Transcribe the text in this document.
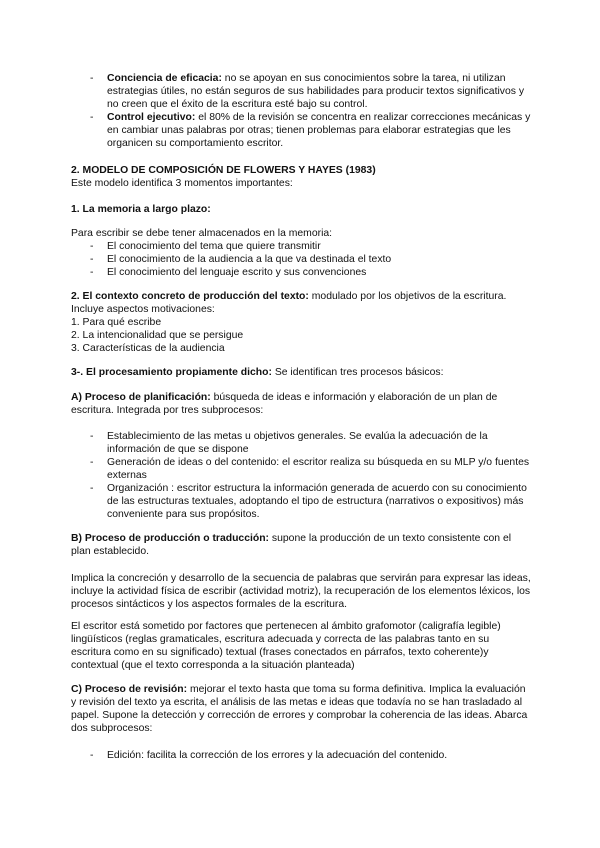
- Conciencia de eficacia: no se apoyan en sus conocimientos sobre la tarea, ni utilizan estrategias útiles, no están seguros de sus habilidades para producir textos significativos y no creen que el éxito de la escritura esté bajo su control.
- Control ejecutivo: el 80% de la revisión se concentra en realizar correcciones mecánicas y en cambiar unas palabras por otras; tienen problemas para elaborar estrategias que les organicen su comportamiento escritor.

2. MODELO DE COMPOSICIÓN DE FLOWERS Y HAYES (1983)

Este modelo identifica 3 momentos importantes:

1. La memoria a largo plazo:

Para escribir se debe tener almacenados en la memoria:

- El conocimiento del tema que quiere transmitir
- El conocimiento de la audiencia a la que va destinada el texto
- El conocimiento del lenguaje escrito y sus convenciones

2. El contexto concreto de producción del texto: modulado por los objetivos de la escritura. Incluye aspectos motivaciones:

1. Para qué escribe
2. La intencionalidad que se persigue
3. Características de la audiencia

3-. El procesamiento propiamente dicho: Se identifican tres procesos básicos:

A) Proceso de planificación: búsqueda de ideas e información y elaboración de un plan de escritura. Integrada por tres subprocesos:

- Establecimiento de las metas u objetivos generales. Se evalúa la adecuación de la información de que se dispone
- Generación de ideas o del contenido: el escritor realiza su búsqueda en su MLP y/o fuentes externas
- Organización : escritor estructura la información generada de acuerdo con su conocimiento de las estructuras textuales, adoptando el tipo de estructura (narrativos o expositivos) más conveniente para sus propósitos.

B) Proceso de producción o traducción: supone la producción de un texto consistente con el plan establecido.

Implica la concreción y desarrollo de la secuencia de palabras que servirán para expresar las ideas, incluye la actividad física de escribir (actividad motriz), la recuperación de los elementos léxicos, los procesos sintácticos y los aspectos formales de la escritura.

El escritor está sometido por factores que pertenecen al ámbito grafomotor (caligrafía legible) lingüísticos (reglas gramaticales, escritura adecuada y correcta de las palabras tanto en su escritura como en su significado) textual (frases conectados en párrafos, texto coherente)y contextual (que el texto corresponda a la situación planteada)

C) Proceso de revisión: mejorar el texto hasta que toma su forma definitiva. Implica la evaluación y revisión del texto ya escrita, el análisis de las metas e ideas que todavía no se han trasladado al papel. Supone la detección y corrección de errores y comprobar la coherencia de las ideas. Abarca dos subprocesos:

- Edición: facilita la corrección de los errores y la adecuación del contenido.
